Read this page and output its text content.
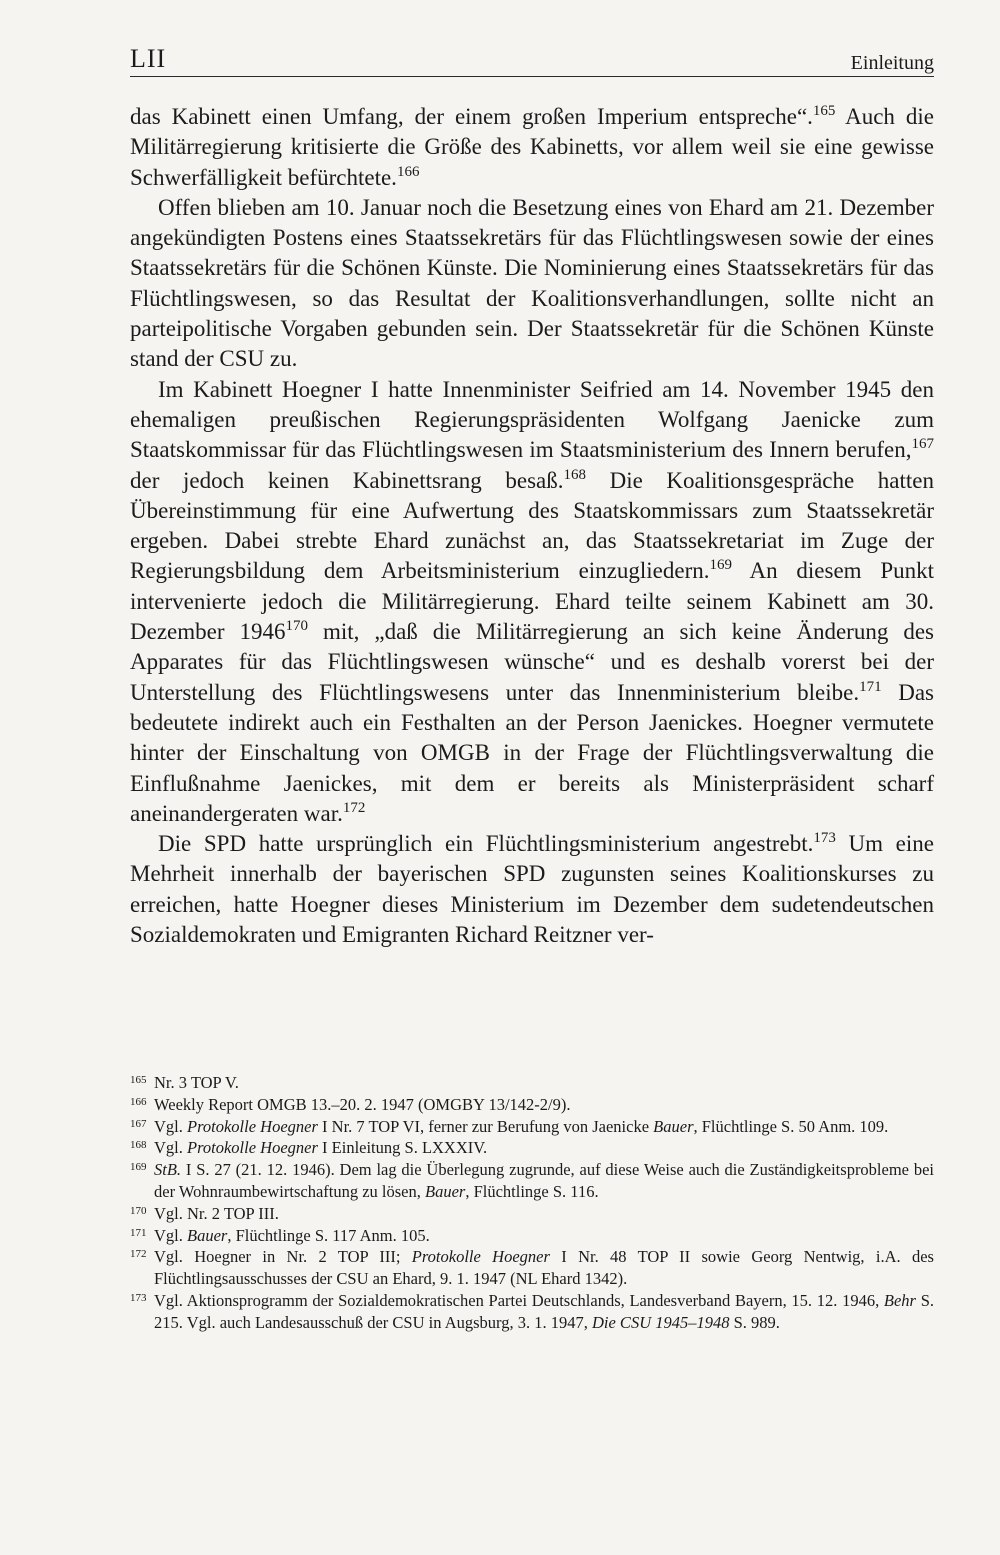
LII	Einleitung

das Kabinett einen Umfang, der einem großen Imperium entspreche“.$^{165}$ Auch die Militärregierung kritisierte die Größe des Kabinetts, vor allem weil sie eine gewisse Schwerfälligkeit befürchtete.$^{166}$

Offen blieben am 10. Januar noch die Besetzung eines von Ehard am 21. Dezember angekündigten Postens eines Staatssekretärs für das Flüchtlingswesen sowie der eines Staatssekretärs für die Schönen Künste. Die Nominierung eines Staatssekretärs für das Flüchtlingswesen, so das Resultat der Koalitionsverhandlungen, sollte nicht an parteipolitische Vorgaben gebunden sein. Der Staatssekretär für die Schönen Künste stand der CSU zu.

Im Kabinett Hoegner I hatte Innenminister Seifried am 14. November 1945 den ehemaligen preußischen Regierungspräsidenten Wolfgang Jaenicke zum Staatskommissar für das Flüchtlingswesen im Staatsministerium des Innern berufen,$^{167}$ der jedoch keinen Kabinettsrang besaß.$^{168}$ Die Koalitionsgespräche hatten Übereinstimmung für eine Aufwertung des Staatskommissars zum Staatssekretär ergeben. Dabei strebte Ehard zunächst an, das Staatssekretariat im Zuge der Regierungsbildung dem Arbeitsministerium einzugliedern.$^{169}$ An diesem Punkt intervenierte jedoch die Militärregierung. Ehard teilte seinem Kabinett am 30. Dezember 1946$^{170}$ mit, „daß die Militärregierung an sich keine Änderung des Apparates für das Flüchtlingswesen wünsche“ und es deshalb vorerst bei der Unterstellung des Flüchtlingswesens unter das Innenministerium bleibe.$^{171}$ Das bedeutete indirekt auch ein Festhalten an der Person Jaenickes. Hoegner vermutete hinter der Einschaltung von OMGB in der Frage der Flüchtlingsverwaltung die Einflußnahme Jaenickes, mit dem er bereits als Ministerpräsident scharf aneinandergeraten war.$^{172}$

Die SPD hatte ursprünglich ein Flüchtlingsministerium angestrebt.$^{173}$ Um eine Mehrheit innerhalb der bayerischen SPD zugunsten seines Koalitionskurses zu erreichen, hatte Hoegner dieses Ministerium im Dezember dem sudetendeutschen Sozialdemokraten und Emigranten Richard Reitzner ver-

165 Nr. 3 TOP V.
166 Weekly Report OMGB 13.–20. 2. 1947 (OMGBY 13/142-2/9).
167 Vgl. Protokolle Hoegner I Nr. 7 TOP VI, ferner zur Berufung von Jaenicke Bauer, Flüchtlinge S. 50 Anm. 109.
168 Vgl. Protokolle Hoegner I Einleitung S. LXXXIV.
169 StB. I S. 27 (21. 12. 1946). Dem lag die Überlegung zugrunde, auf diese Weise auch die Zuständigkeitsprobleme bei der Wohnraumbewirtschaftung zu lösen, Bauer, Flüchtlinge S. 116.
170 Vgl. Nr. 2 TOP III.
171 Vgl. Bauer, Flüchtlinge S. 117 Anm. 105.
172 Vgl. Hoegner in Nr. 2 TOP III; Protokolle Hoegner I Nr. 48 TOP II sowie Georg Nentwig, i.A. des Flüchtlingsausschusses der CSU an Ehard, 9. 1. 1947 (NL Ehard 1342).
173 Vgl. Aktionsprogramm der Sozialdemokratischen Partei Deutschlands, Landesverband Bayern, 15. 12. 1946, Behr S. 215. Vgl. auch Landesausschuß der CSU in Augsburg, 3. 1. 1947, Die CSU 1945–1948 S. 989.
